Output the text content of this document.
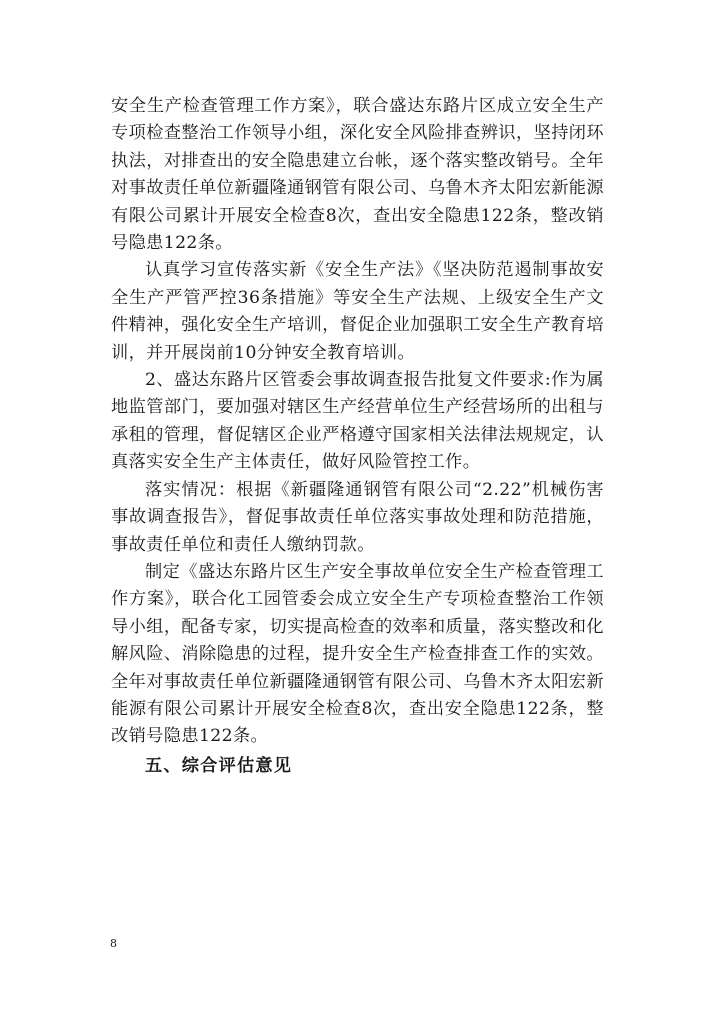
安全生产检查管理工作方案》，联合盛达东路片区成立安全生产专项检查整治工作领导小组，深化安全风险排查辨识，坚持闭环执法，对排查出的安全隐患建立台帐，逐个落实整改销号。全年对事故责任单位新疆隆通钢管有限公司、乌鲁木齐太阳宏新能源有限公司累计开展安全检查8次，查出安全隐患122条，整改销号隐患122条。

认真学习宣传落实新《安全生产法》《坚决防范遏制事故安全生产严管严控36条措施》等安全生产法规、上级安全生产文件精神，强化安全生产培训，督促企业加强职工安全生产教育培训，并开展岗前10分钟安全教育培训。

2、盛达东路片区管委会事故调查报告批复文件要求:作为属地监管部门，要加强对辖区生产经营单位生产经营场所的出租与承租的管理，督促辖区企业严格遵守国家相关法律法规规定，认真落实安全生产主体责任，做好风险管控工作。

落实情况：根据《新疆隆通钢管有限公司“2.22”机械伤害事故调查报告》，督促事故责任单位落实事故处理和防范措施，事故责任单位和责任人缴纳罚款。

制定《盛达东路片区生产安全事故单位安全生产检查管理工作方案》，联合化工园管委会成立安全生产专项检查整治工作领导小组，配备专家，切实提高检查的效率和质量，落实整改和化解风险、消除隐患的过程，提升安全生产检查排查工作的实效。全年对事故责任单位新疆隆通钢管有限公司、乌鲁木齐太阳宏新能源有限公司累计开展安全检查8次，查出安全隐患122条，整改销号隐患122条。

五、综合评估意见

8
